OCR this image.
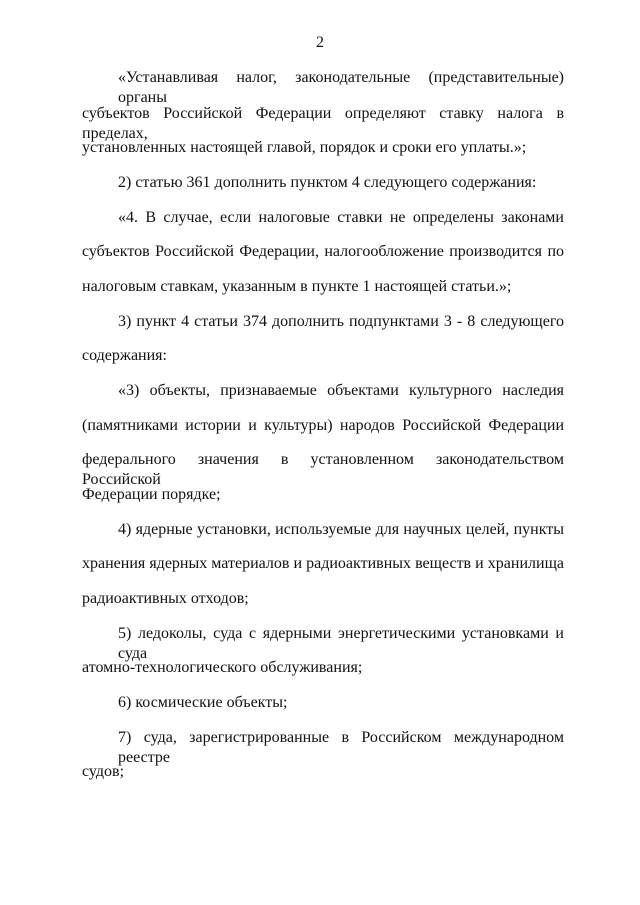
2
«Устанавливая налог, законодательные (представительные) органы
субъектов Российской Федерации определяют ставку налога в пределах,
установленных настоящей главой, порядок и сроки его уплаты.»;
2) статью 361 дополнить пунктом 4 следующего содержания:
«4. В случае, если налоговые ставки не определены законами
субъектов Российской Федерации, налогообложение производится по
налоговым ставкам, указанным в пункте 1 настоящей статьи.»;
3) пункт 4 статьи 374 дополнить подпунктами 3 - 8 следующего
содержания:
«3) объекты, признаваемые объектами культурного наследия
(памятниками истории и культуры) народов Российской Федерации
федерального значения в установленном законодательством Российской
Федерации порядке;
4) ядерные установки, используемые для научных целей, пункты
хранения ядерных материалов и радиоактивных веществ и хранилища
радиоактивных отходов;
5) ледоколы, суда с ядерными энергетическими установками и суда
атомно-технологического обслуживания;
6) космические объекты;
7) суда, зарегистрированные в Российском международном реестре
судов;
